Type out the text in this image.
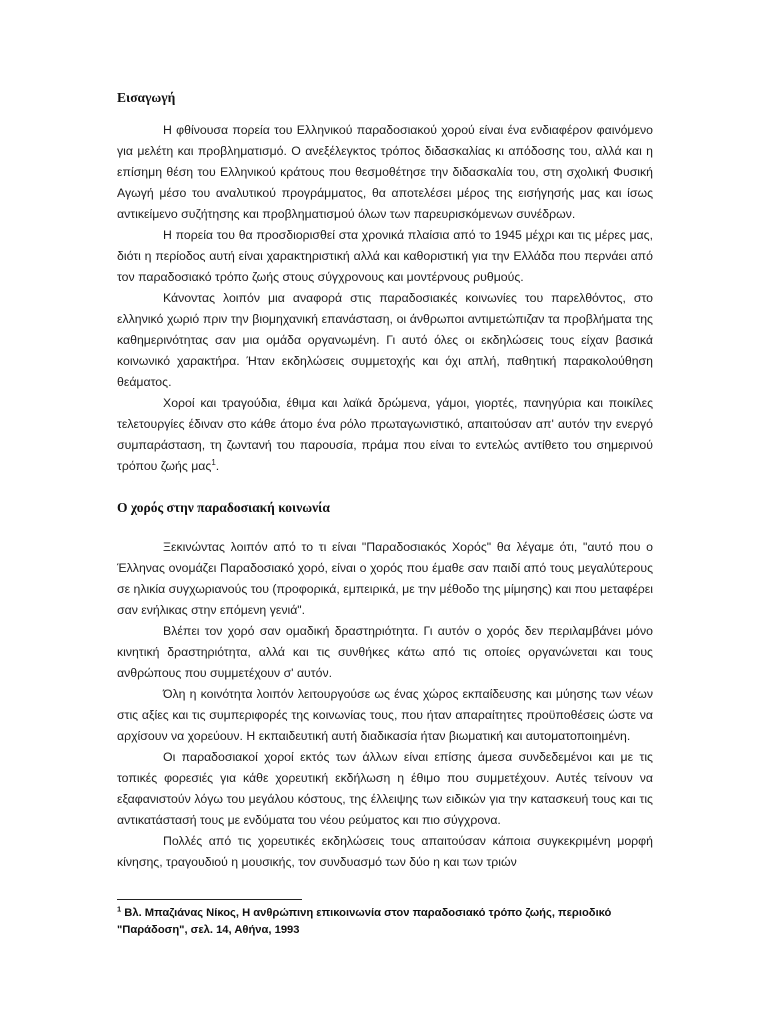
Εισαγωγή

Η φθίνουσα πορεία του Ελληνικού παραδοσιακού χορού είναι ένα ενδιαφέρον φαινόμενο για μελέτη και προβληματισμό. Ο ανεξέλεγκτος τρόπος διδασκαλίας κι απόδοσης του, αλλά και η επίσημη θέση του Ελληνικού κράτους που θεσμοθέτησε την διδασκαλία του, στη σχολική Φυσική Αγωγή μέσο του αναλυτικού προγράμματος, θα αποτελέσει μέρος της εισήγησής μας και ίσως αντικείμενο συζήτησης και προβληματισμού όλων των παρευρισκόμενων συνέδρων.

Η πορεία του θα προσδιορισθεί στα χρονικά πλαίσια από το 1945 μέχρι και τις μέρες μας, διότι η περίοδος αυτή είναι χαρακτηριστική αλλά και καθοριστική για την Ελλάδα που περνάει από τον παραδοσιακό τρόπο ζωής στους σύγχρονους και μοντέρνους ρυθμούς.

Κάνοντας λοιπόν μια αναφορά στις παραδοσιακές κοινωνίες του παρελθόντος, στο ελληνικό χωριό πριν την βιομηχανική επανάσταση, οι άνθρωποι αντιμετώπιζαν τα προβλήματα της καθημερινότητας σαν μια ομάδα οργανωμένη. Γι αυτό όλες οι εκδηλώσεις τους είχαν βασικά κοινωνικό χαρακτήρα. Ήταν εκδηλώσεις συμμετοχής και όχι απλή, παθητική παρακολούθηση θεάματος.

Χοροί και τραγούδια, έθιμα και λαϊκά δρώμενα, γάμοι, γιορτές, πανηγύρια και ποικίλες τελετουργίες έδιναν στο κάθε άτομο ένα ρόλο πρωταγωνιστικό, απαιτούσαν απ' αυτόν την ενεργό συμπαράσταση, τη ζωντανή του παρουσία, πράμα που είναι το εντελώς αντίθετο του σημερινού τρόπου ζωής μας$^1$.

Ο χορός στην παραδοσιακή κοινωνία

Ξεκινώντας λοιπόν από το τι είναι "Παραδοσιακός Χορός" θα λέγαμε ότι, "αυτό που ο Έλληνας ονομάζει Παραδοσιακό χορό, είναι ο χορός που έμαθε σαν παιδί από τους μεγαλύτερους σε ηλικία συγχωριανούς του (προφορικά, εμπειρικά, με την μέθοδο της μίμησης) και που μεταφέρει σαν ενήλικας στην επόμενη γενιά".

Βλέπει τον χορό σαν ομαδική δραστηριότητα. Γι αυτόν ο χορός δεν περιλαμβάνει μόνο κινητική δραστηριότητα, αλλά και τις συνθήκες κάτω από τις οποίες οργανώνεται και τους ανθρώπους που συμμετέχουν σ' αυτόν.

Όλη η κοινότητα λοιπόν λειτουργούσε ως ένας χώρος εκπαίδευσης και μύησης των νέων στις αξίες και τις συμπεριφορές της κοινωνίας τους, που ήταν απαραίτητες προϋποθέσεις ώστε να αρχίσουν να χορεύουν. Η εκπαιδευτική αυτή διαδικασία ήταν βιωματική και αυτοματοποιημένη.

Οι παραδοσιακοί χοροί εκτός των άλλων είναι επίσης άμεσα συνδεδεμένοι και με τις τοπικές φορεσιές για κάθε χορευτική εκδήλωση η έθιμο που συμμετέχουν. Αυτές τείνουν να εξαφανιστούν λόγω του μεγάλου κόστους, της έλλειψης των ειδικών για την κατασκευή τους και τις αντικατάστασή τους με ενδύματα του νέου ρεύματος και πιο σύγχρονα.

Πολλές από τις χορευτικές εκδηλώσεις τους απαιτούσαν κάποια συγκεκριμένη μορφή κίνησης, τραγουδιού η μουσικής, τον συνδυασμό των δύο η και των τριών

$^1$ Βλ. Μπαζιάνας Νίκος, Η ανθρώπινη επικοινωνία στον παραδοσιακό τρόπο ζωής, περιοδικό "Παράδοση", σελ. 14, Αθήνα, 1993
